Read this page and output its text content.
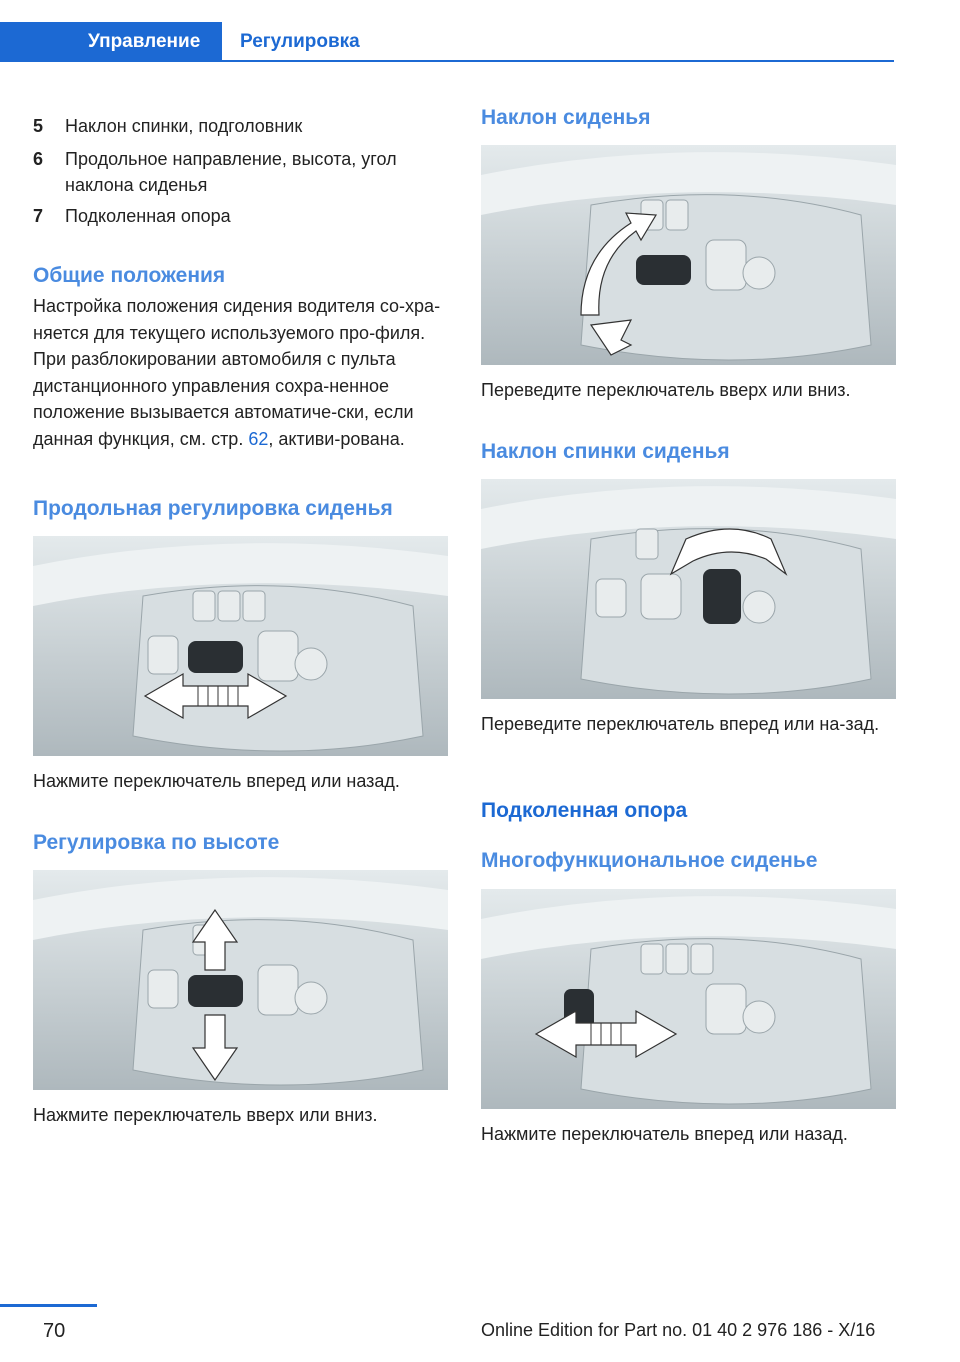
Управление Регулировка
5 Наклон спинки, подголовник
6 Продольное направление, высота, угол наклона сиденья
7 Подколенная опора
Общие положения
Настройка положения сидения водителя со-храняется для текущего используемого про-филя. При разблокировании автомобиля с пульта дистанционного управления сохра-ненное положение вызывается автоматиче-ски, если данная функция, см. стр. 62, активи-рована.
Продольная регулировка сиденья
Нажмите переключатель вперед или назад.
Регулировка по высоте
Нажмите переключатель вверх или вниз.
Наклон сиденья
Переведите переключатель вверх или вниз.
Наклон спинки сиденья
Переведите переключатель вперед или на-зад.
Подколенная опора
Многофункциональное сиденье
Нажмите переключатель вперед или назад.
70	Online Edition for Part no. 01 40 2 976 186 - X/16
